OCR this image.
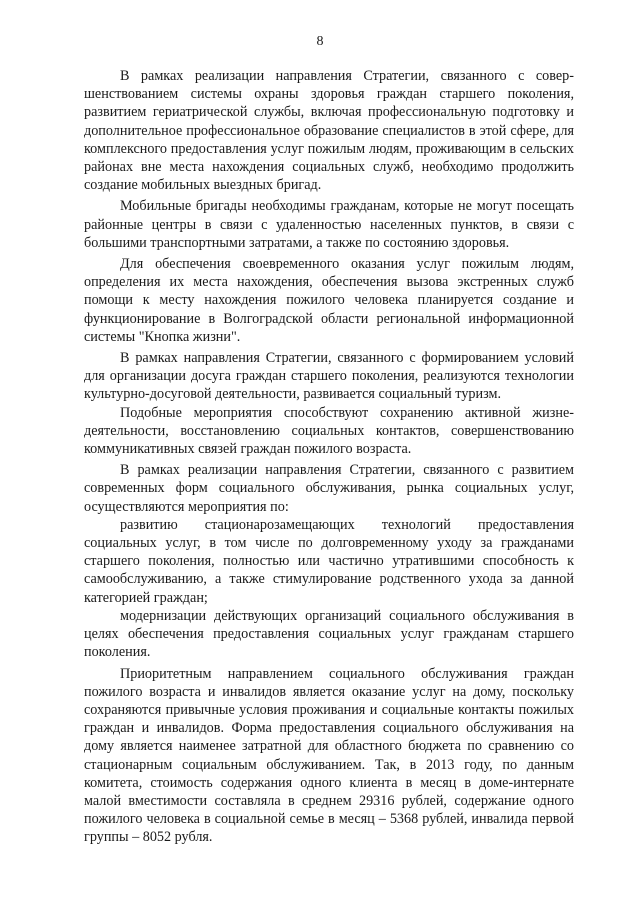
8

В рамках реализации направления Стратегии, связанного с совершенствованием системы охраны здоровья граждан старшего поколения, развитием гериатрической службы, включая профессиональную подготовку и дополнительное профессиональное образование специалистов в этой сфере, для комплексного предоставления услуг пожилым людям, проживающим в сельских районах вне места нахождения социальных служб, необходимо продолжить создание мобильных выездных бригад.

Мобильные бригады необходимы гражданам, которые не могут посещать районные центры в связи с удаленностью населенных пунктов, в связи с большими транспортными затратами, а также по состоянию здоровья.

Для обеспечения своевременного оказания услуг пожилым людям, определения их места нахождения, обеспечения вызова экстренных служб помощи к месту нахождения пожилого человека планируется создание и функционирование в Волгоградской области региональной информационной системы "Кнопка жизни".

В рамках направления Стратегии, связанного с формированием условий для организации досуга граждан старшего поколения, реализуются технологии культурно-досуговой деятельности, развивается социальный туризм.

Подобные мероприятия способствуют сохранению активной жизнедеятельности, восстановлению социальных контактов, совершенствованию коммуникативных связей граждан пожилого возраста.

В рамках реализации направления Стратегии, связанного с развитием современных форм социального обслуживания, рынка социальных услуг, осуществляются мероприятия по:

развитию стационарозамещающих технологий предоставления социальных услуг, в том числе по долговременному уходу за гражданами старшего поколения, полностью или частично утратившими способность к самообслуживанию, а также стимулирование родственного ухода за данной категорией граждан;

модернизации действующих организаций социального обслуживания в целях обеспечения предоставления социальных услуг гражданам старшего поколения.

Приоритетным направлением социального обслуживания граждан пожилого возраста и инвалидов является оказание услуг на дому, поскольку сохраняются привычные условия проживания и социальные контакты пожилых граждан и инвалидов. Форма предоставления социального обслуживания на дому является наименее затратной для областного бюджета по сравнению со стационарным социальным обслуживанием. Так, в 2013 году, по данным комитета, стоимость содержания одного клиента в месяц в доме-интернате малой вместимости составляла в среднем 29316 рублей, содержание одного пожилого человека в социальной семье в месяц – 5368 рублей, инвалида первой группы – 8052 рубля.
